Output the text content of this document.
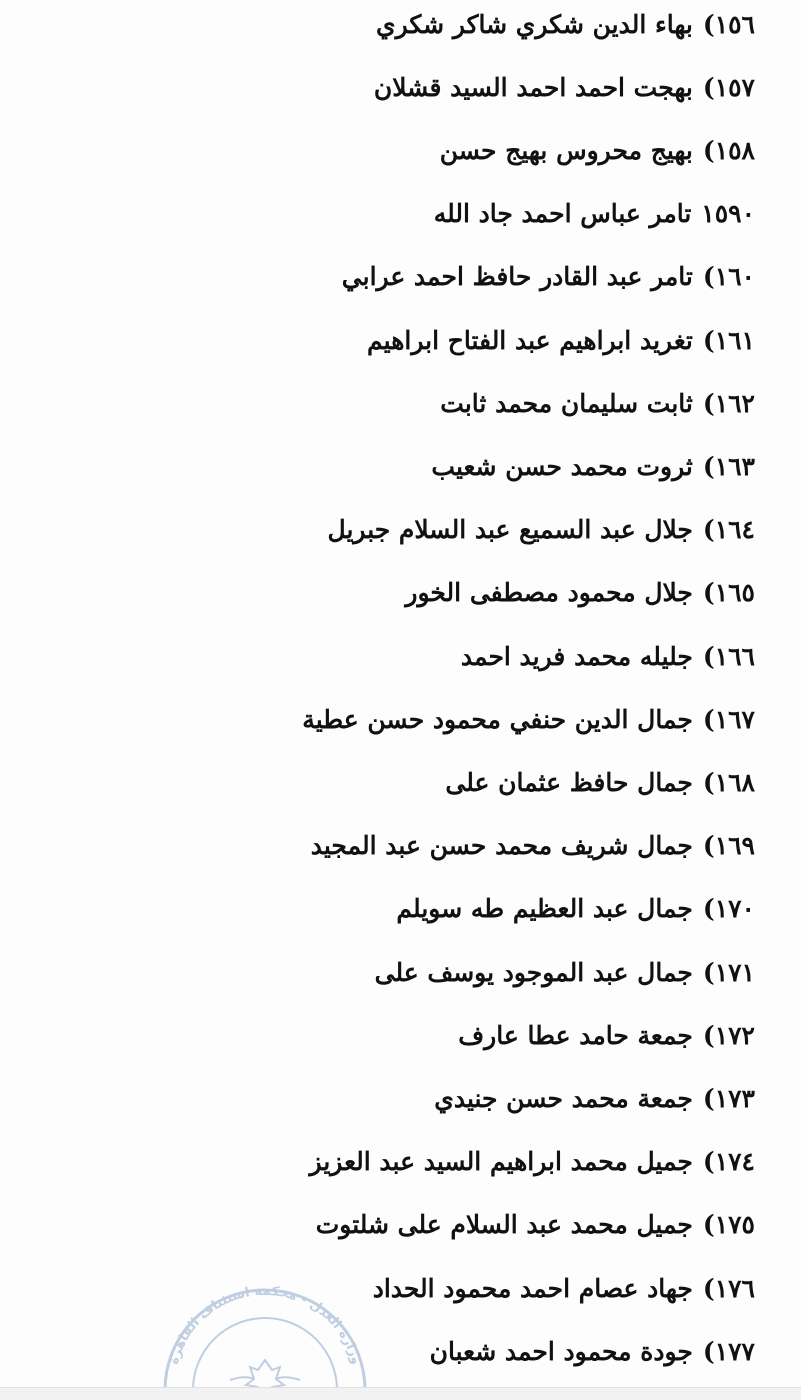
١٥٦)
بهاء الدين شكري شاكر شكري
١٥٧)
بهجت احمد احمد السيد قشلان
١٥٨)
بهيج محروس بهيج حسن
١٥٩٠
تامر عباس احمد جاد الله
١٦٠)
تامر عبد القادر حافظ احمد عرابي
١٦١)
تغريد ابراهيم عبد الفتاح ابراهيم
١٦٢)
ثابت سليمان محمد ثابت
١٦٣)
ثروت محمد حسن شعيب
١٦٤)
جلال عبد السميع عبد السلام جبريل
١٦٥)
جلال محمود مصطفى الخور
١٦٦)
جليله محمد فريد احمد
١٦٧)
جمال الدين حنفي محمود حسن عطية
١٦٨)
جمال حافظ عثمان على
١٦٩)
جمال شريف محمد حسن عبد المجيد
١٧٠)
جمال عبد العظيم طه سويلم
١٧١)
جمال عبد الموجود يوسف على
١٧٢)
جمعة حامد عطا عارف
١٧٣)
جمعة محمد حسن جنيدي
١٧٤)
جميل محمد ابراهيم السيد عبد العزيز
١٧٥)
جميل محمد عبد السلام على شلتوت
١٧٦)
جهاد عصام احمد محمود الحداد
١٧٧)
جودة محمود احمد شعبان
وزارة العدل - محكمة استئناف القاهرة
